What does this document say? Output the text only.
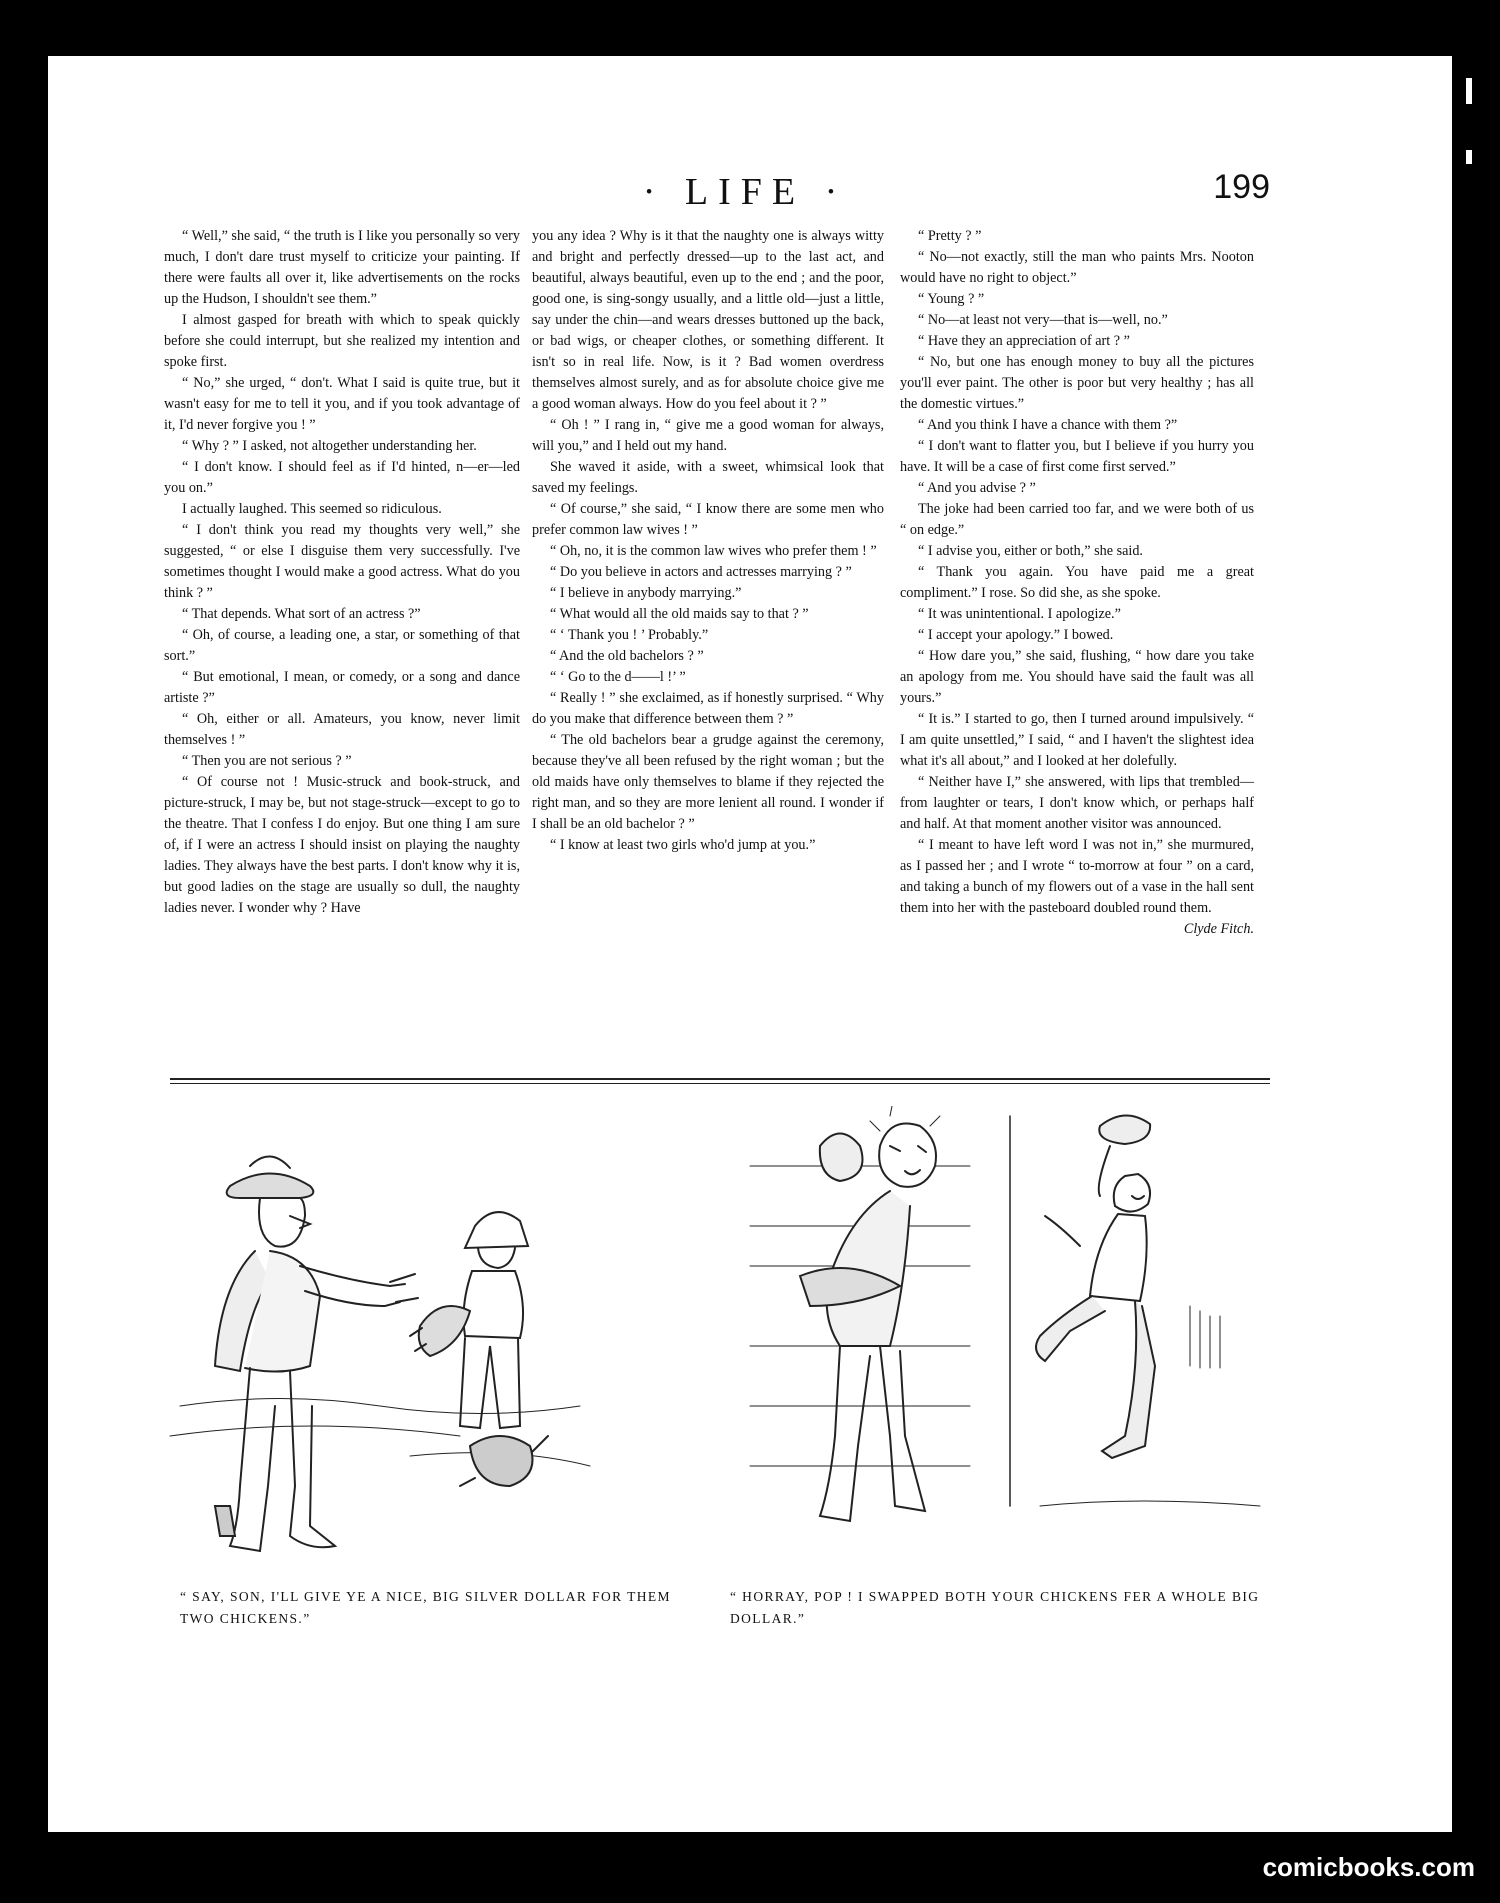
· LIFE ·	199

“ Well,” she said, “ the truth is I like you personally so very much, I don't dare trust myself to criticize your painting. If there were faults all over it, like advertisements on the rocks up the Hudson, I shouldn't see them.”

I almost gasped for breath with which to speak quickly before she could interrupt, but she realized my intention and spoke first.

“ No,” she urged, “ don't. What I said is quite true, but it wasn't easy for me to tell it you, and if you took advantage of it, I'd never forgive you ! ”

“ Why ? ” I asked, not altogether understanding her.

“ I don't know. I should feel as if I'd hinted, n—er—led you on.”

I actually laughed. This seemed so ridiculous.

“ I don't think you read my thoughts very well,” she suggested, “ or else I disguise them very successfully. I've sometimes thought I would make a good actress. What do you think ? ”

“ That depends. What sort of an actress ?”

“ Oh, of course, a leading one, a star, or something of that sort.”

“ But emotional, I mean, or comedy, or a song and dance artiste ?”

“ Oh, either or all. Amateurs, you know, never limit themselves ! ”

“ Then you are not serious ? ”

“ Of course not ! Music-struck and book-struck, and picture-struck, I may be, but not stage-struck—except to go to the theatre. That I confess I do enjoy. But one thing I am sure of, if I were an actress I should insist on playing the naughty ladies. They always have the best parts. I don't know why it is, but good ladies on the stage are usually so dull, the naughty ladies never. I wonder why ? Have

you any idea ? Why is it that the naughty one is always witty and bright and perfectly dressed—up to the last act, and beautiful, always beautiful, even up to the end ; and the poor, good one, is sing-songy usually, and a little old—just a little, say under the chin—and wears dresses buttoned up the back, or bad wigs, or cheaper clothes, or something different. It isn't so in real life. Now, is it ? Bad women overdress themselves almost surely, and as for absolute choice give me a good woman always. How do you feel about it ? ”

“ Oh ! ” I rang in, “ give me a good woman for always, will you,” and I held out my hand.

She waved it aside, with a sweet, whimsical look that saved my feelings.

“ Of course,” she said, “ I know there are some men who prefer common law wives ! ”

“ Oh, no, it is the common law wives who prefer them ! ”

“ Do you believe in actors and actresses marrying ? ”

“ I believe in anybody marrying.”

“ What would all the old maids say to that ? ”

“ ‘ Thank you ! ’ Probably.”

“ And the old bachelors ? ”

“ ‘ Go to the d——l !’ ”

“ Really ! ” she exclaimed, as if honestly surprised. “ Why do you make that difference between them ? ”

“ The old bachelors bear a grudge against the ceremony, because they've all been refused by the right woman ; but the old maids have only themselves to blame if they rejected the right man, and so they are more lenient all round. I wonder if I shall be an old bachelor ? ”

“ I know at least two girls who'd jump at you.”

“ Pretty ? ”

“ No—not exactly, still the man who paints Mrs. Nooton would have no right to object.”

“ Young ? ”

“ No—at least not very—that is—well, no.”

“ Have they an appreciation of art ? ”

“ No, but one has enough money to buy all the pictures you'll ever paint. The other is poor but very healthy ; has all the domestic virtues.”

“ And you think I have a chance with them ?”

“ I don't want to flatter you, but I believe if you hurry you have. It will be a case of first come first served.”

“ And you advise ? ”

The joke had been carried too far, and we were both of us “ on edge.”

“ I advise you, either or both,” she said.

“ Thank you again. You have paid me a great compliment.” I rose. So did she, as she spoke.

“ It was unintentional. I apologize.”

“ I accept your apology.” I bowed.

“ How dare you,” she said, flushing, “ how dare you take an apology from me. You should have said the fault was all yours.”

“ It is.” I started to go, then I turned around impulsively. “ I am quite unsettled,” I said, “ and I haven't the slightest idea what it's all about,” and I looked at her dolefully.

“ Neither have I,” she answered, with lips that trembled—from laughter or tears, I don't know which, or perhaps half and half. At that moment another visitor was announced.

“ I meant to have left word I was not in,” she murmured, as I passed her ; and I wrote “ to-morrow at four ” on a card, and taking a bunch of my flowers out of a vase in the hall sent them into her with the pasteboard doubled round them.

Clyde Fitch.

“ SAY, SON, I'LL GIVE YE A NICE, BIG SILVER DOLLAR FOR THEM TWO CHICKENS.”
“ HORRAY, POP ! I SWAPPED BOTH YOUR CHICKENS FER A WHOLE BIG DOLLAR.”
comicbooks.com
